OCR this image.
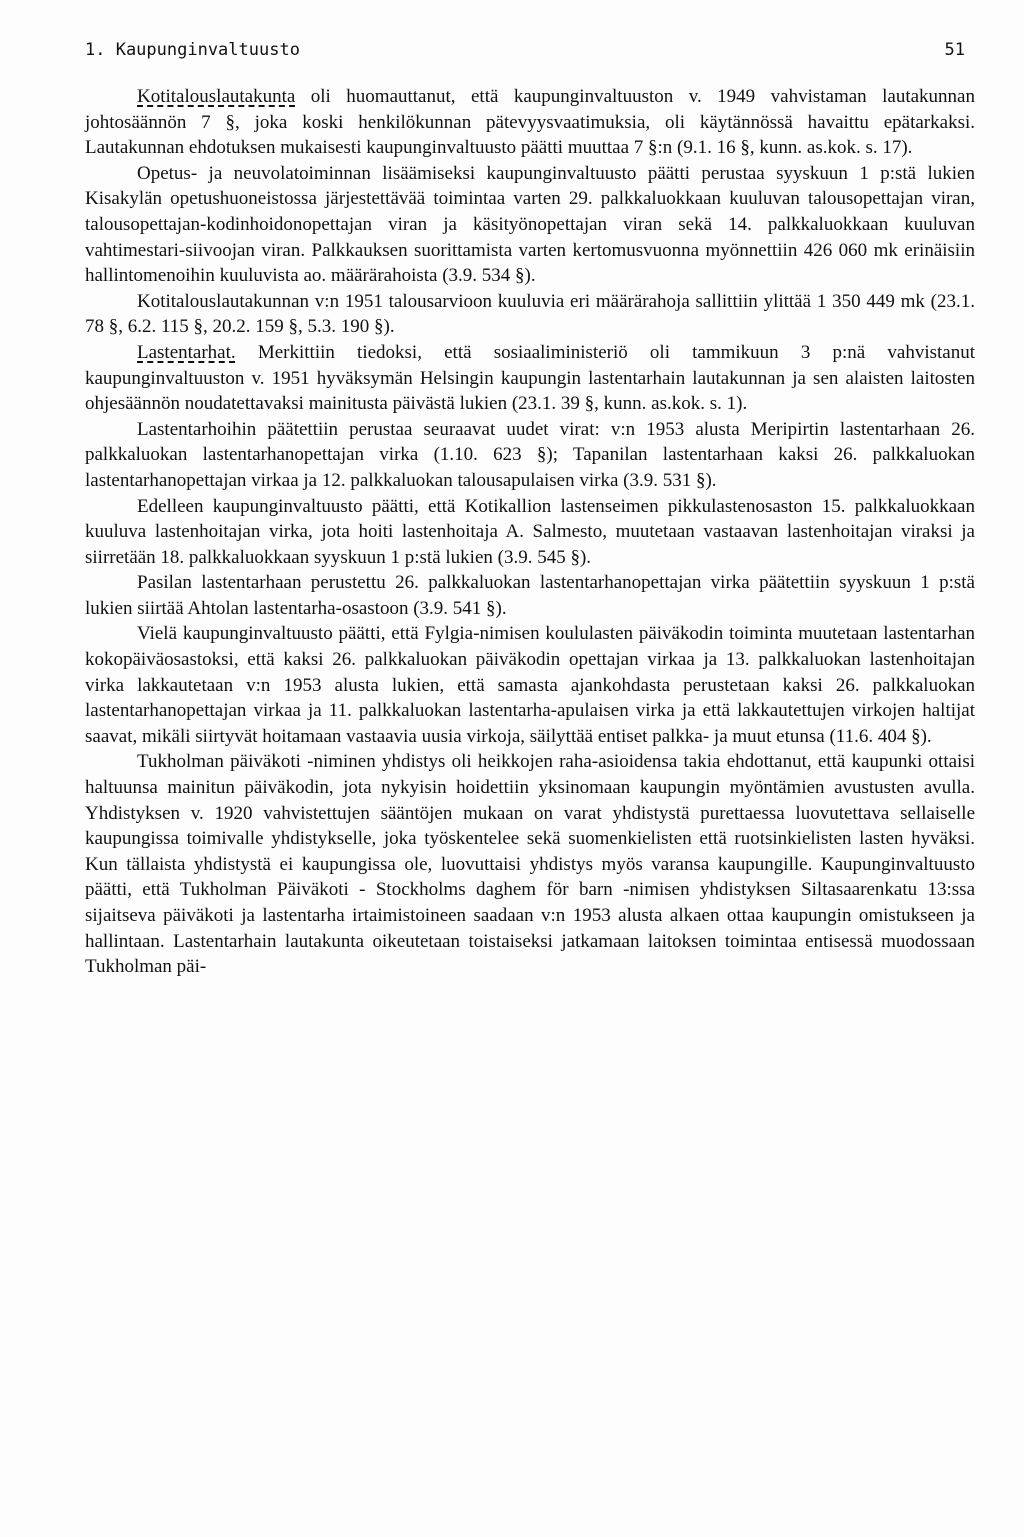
1. Kaupunginvaltuusto	51

Kotitalouslautakunta oli huomauttanut, että kaupunginvaltuuston v. 1949 vahvistaman lautakunnan johtosäännön 7 §, joka koski henkilökunnan pätevyysvaatimuksia, oli käytännössä havaittu epätarkaksi. Lautakunnan ehdotuksen mukaisesti kaupunginvaltuusto päätti muuttaa 7 §:n (9.1. 16 §, kunn. as.kok. s. 17).

Opetus- ja neuvolatoiminnan lisäämiseksi kaupunginvaltuusto päätti perustaa syyskuun 1 p:stä lukien Kisakylän opetushuoneistossa järjestettävää toimintaa varten 29. palkkaluokkaan kuuluvan talousopettajan viran, talousopettajan-kodinhoidonopettajan viran ja käsityönopettajan viran sekä 14. palkkaluokkaan kuuluvan vahtimestari-siivoojan viran. Palkkauksen suorittamista varten kertomusvuonna myönnettiin 426 060 mk erinäisiin hallintomenoihin kuuluvista ao. määrärahoista (3.9. 534 §).

Kotitalouslautakunnan v:n 1951 talousarvioon kuuluvia eri määrärahoja sallittiin ylittää 1 350 449 mk (23.1. 78 §, 6.2. 115 §, 20.2. 159 §, 5.3. 190 §).

Lastentarhat. Merkittiin tiedoksi, että sosiaaliministeriö oli tammikuun 3 p:nä vahvistanut kaupunginvaltuuston v. 1951 hyväksymän Helsingin kaupungin lastentarhain lautakunnan ja sen alaisten laitosten ohjesäännön noudatettavaksi mainitusta päivästä lukien (23.1. 39 §, kunn. as.kok. s. 1).

Lastentarhoihin päätettiin perustaa seuraavat uudet virat: v:n 1953 alusta Meripirtin lastentarhaan 26. palkkaluokan lastentarhanopettajan virka (1.10. 623 §); Tapanilan lastentarhaan kaksi 26. palkkaluokan lastentarhanopettajan virkaa ja 12. palkkaluokan talousapulaisen virka (3.9. 531 §).

Edelleen kaupunginvaltuusto päätti, että Kotikallion lastenseimen pikkulastenosaston 15. palkkaluokkaan kuuluva lastenhoitajan virka, jota hoiti lastenhoitaja A. Salmesto, muutetaan vastaavan lastenhoitajan viraksi ja siirretään 18. palkkaluokkaan syyskuun 1 p:stä lukien (3.9. 545 §).

Pasilan lastentarhaan perustettu 26. palkkaluokan lastentarhanopettajan virka päätettiin syyskuun 1 p:stä lukien siirtää Ahtolan lastentarha-osastoon (3.9. 541 §).

Vielä kaupunginvaltuusto päätti, että Fylgia-nimisen koululasten päiväkodin toiminta muutetaan lastentarhan kokopäiväosastoksi, että kaksi 26. palkkaluokan päiväkodin opettajan virkaa ja 13. palkkaluokan lastenhoitajan virka lakkautetaan v:n 1953 alusta lukien, että samasta ajankohdasta perustetaan kaksi 26. palkkaluokan lastentarhanopettajan virkaa ja 11. palkkaluokan lastentarha-apulaisen virka ja että lakkautettujen virkojen haltijat saavat, mikäli siirtyvät hoitamaan vastaavia uusia virkoja, säilyttää entiset palkka- ja muut etunsa (11.6. 404 §).

Tukholman päiväkoti -niminen yhdistys oli heikkojen raha-asioidensa takia ehdottanut, että kaupunki ottaisi haltuunsa mainitun päiväkodin, jota nykyisin hoidettiin yksinomaan kaupungin myöntämien avustusten avulla. Yhdistyksen v. 1920 vahvistettujen sääntöjen mukaan on varat yhdistystä purettaessa luovutettava sellaiselle kaupungissa toimivalle yhdistykselle, joka työskentelee sekä suomenkielisten että ruotsinkielisten lasten hyväksi. Kun tällaista yhdistystä ei kaupungissa ole, luovuttaisi yhdistys myös varansa kaupungille. Kaupunginvaltuusto päätti, että Tukholman Päiväkoti - Stockholms daghem för barn -nimisen yhdistyksen Siltasaarenkatu 13:ssa sijaitseva päiväkoti ja lastentarha irtaimistoineen saadaan v:n 1953 alusta alkaen ottaa kaupungin omistukseen ja hallintaan. Lastentarhain lautakunta oikeutetaan toistaiseksi jatkamaan laitoksen toimintaa entisessä muodossaan Tukholman päi-
